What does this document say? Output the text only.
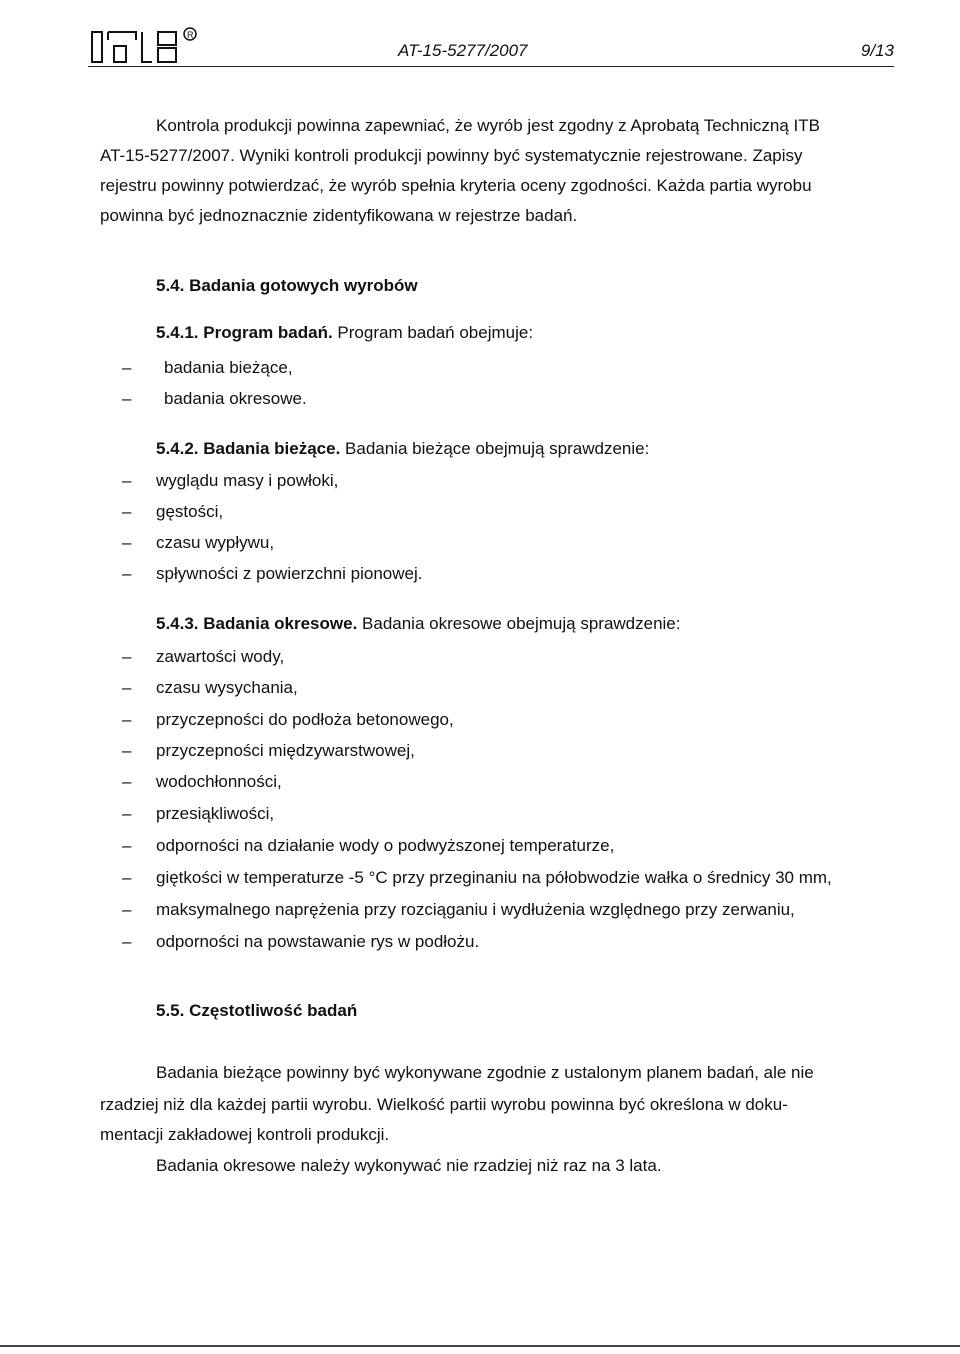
R
AT-15-5277/2007	9/13
Kontrola produkcji powinna zapewniać, że wyrób jest zgodny z Aprobatą Techniczną ITB
AT-15-5277/2007. Wyniki kontroli produkcji powinny być systematycznie rejestrowane. Zapisy
rejestru powinny potwierdzać, że wyrób spełnia kryteria oceny zgodności. Każda partia wyrobu
powinna być jednoznacznie zidentyfikowana w rejestrze badań.
5.4. Badania gotowych wyrobów
5.4.1. Program badań. Program badań obejmuje:
– badania bieżące,
– badania okresowe.
5.4.2. Badania bieżące. Badania bieżące obejmują sprawdzenie:
– wyglądu masy i powłoki,
– gęstości,
– czasu wypływu,
– spływności z powierzchni pionowej.
5.4.3. Badania okresowe. Badania okresowe obejmują sprawdzenie:
– zawartości wody,
– czasu wysychania,
– przyczepności do podłoża betonowego,
– przyczepności międzywarstwowej,
– wodochłonności,
– przesiąkliwości,
– odporności na działanie wody o podwyższonej temperaturze,
– giętkości w temperaturze -5 °C przy przeginaniu na półobwodzie wałka o średnicy 30 mm,
– maksymalnego naprężenia przy rozciąganiu i wydłużenia względnego przy zerwaniu,
– odporności na powstawanie rys w podłożu.
5.5. Częstotliwość badań
Badania bieżące powinny być wykonywane zgodnie z ustalonym planem badań, ale nie
rzadziej niż dla każdej partii wyrobu. Wielkość partii wyrobu powinna być określona w doku-
mentacji zakładowej kontroli produkcji.
Badania okresowe należy wykonywać nie rzadziej niż raz na 3 lata.
